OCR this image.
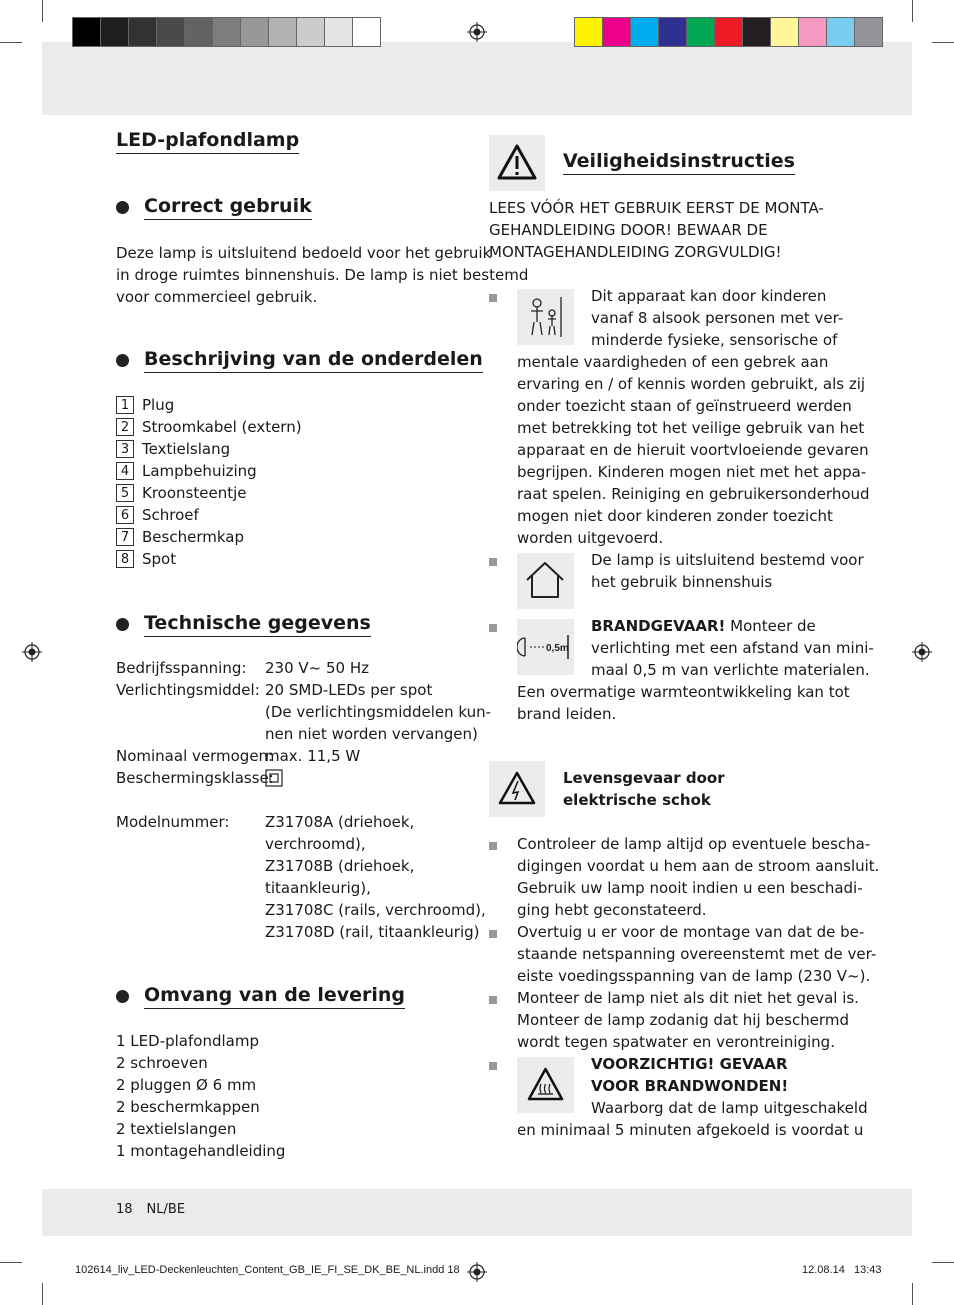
LED-plafondlamp
Correct gebruik
Deze lamp is uitsluitend bedoeld voor het gebruik
in droge ruimtes binnenshuis. De lamp is niet bestemd
voor commercieel gebruik.
Beschrijving van de onderdelen
1 Plug
2 Stroomkabel (extern)
3 Textielslang
4 Lampbehuizing
5 Kroonsteentje
6 Schroef
7 Beschermkap
8 Spot
Technische gegevens
Bedrijfsspanning: 230 V~ 50 Hz
Verlichtingsmiddel: 20 SMD-LEDs per spot
(De verlichtingsmiddelen kun-
nen niet worden vervangen)
Nominaal vermogen:
max. 11,5 W
Beschermingsklasse:
Modelnummer: Z31708A (driehoek,
verchroomd),
Z31708B (driehoek,
titaankleurig),
Z31708C (rails, verchroomd),
Z31708D (rail, titaankleurig)
Omvang van de levering
1 LED-plafondlamp
2 schroeven
2 pluggen Ø 6 mm
2 beschermkappen
2 textielslangen
1 montagehandleiding
Veiligheidsinstructies
LEES VÓÓR HET GEBRUIK EERST DE MONTA-
GEHANDLEIDING DOOR! BEWAAR DE
MONTAGEHANDLEIDING ZORGVULDIG!
Dit apparaat kan door kinderen
vanaf 8 alsook personen met ver-
minderde fysieke, sensorische of
mentale vaardigheden of een gebrek aan
ervaring en / of kennis worden gebruikt, als zij
onder toezicht staan of geïnstrueerd werden
met betrekking tot het veilige gebruik van het
apparaat en de hieruit voortvloeiende gevaren
begrijpen. Kinderen mogen niet met het appa-
raat spelen. Reiniging en gebruikersonderhoud
mogen niet door kinderen zonder toezicht
worden uitgevoerd.
De lamp is uitsluitend bestemd voor
het gebruik binnenshuis
0,5m
BRANDGEVAAR! Monteer de
verlichting met een afstand van mini-
maal 0,5 m van verlichte materialen.
Een overmatige warmteontwikkeling kan tot
brand leiden.
Levensgevaar door
elektrische schok
Controleer de lamp altijd op eventuele bescha-
digingen voordat u hem aan de stroom aansluit.
Gebruik uw lamp nooit indien u een beschadi-
ging hebt geconstateerd.
Overtuig u er voor de montage van dat de be-
staande netspanning overeenstemt met de ver-
eiste voedingsspanning van de lamp (230 V~).
Monteer de lamp niet als dit niet het geval is.
Monteer de lamp zodanig dat hij beschermd
wordt tegen spatwater en verontreiniging.
VOORZICHTIG! GEVAAR
VOOR BRANDWONDEN!
Waarborg dat de lamp uitgeschakeld
en minimaal 5 minuten afgekoeld is voordat u
18 NL/BE
102614_liv_LED-Deckenleuchten_Content_GB_IE_FI_SE_DK_BE_NL.indd 18	12.08.14   13:43
